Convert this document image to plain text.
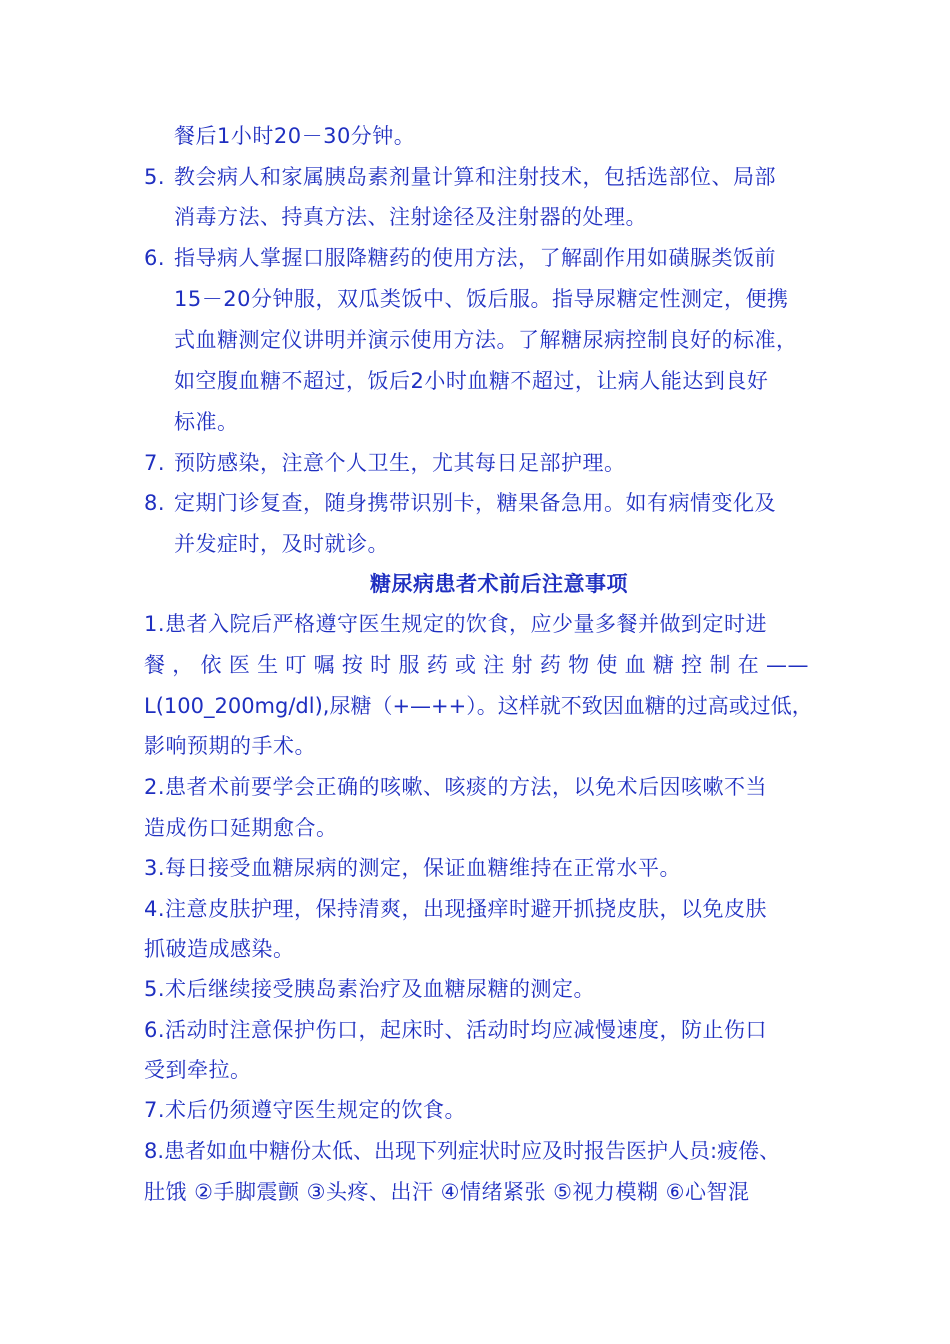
餐后1小时20－30分钟。
5. 教会病人和家属胰岛素剂量计算和注射技术，包括选部位、局部
消毒方法、持真方法、注射途径及注射器的处理。
6. 指导病人掌握口服降糖药的使用方法，了解副作用如磺脲类饭前
15－20分钟服，双瓜类饭中、饭后服。指导尿糖定性测定，便携
式血糖测定仪讲明并演示使用方法。了解糖尿病控制良好的标准，
如空腹血糖不超过，饭后2小时血糖不超过，让病人能达到良好
标准。
7. 预防感染，注意个人卫生，尤其每日足部护理。
8. 定期门诊复查，随身携带识别卡，糖果备急用。如有病情变化及
并发症时，及时就诊。
糖尿病患者术前后注意事项
1.患者入院后严格遵守医生规定的饮食，应少量多餐并做到定时进
餐，依医生叮嘱按时服药或注射药物使血糖控制在——
L(100_200mg/dl),尿糖（+—++）。这样就不致因血糖的过高或过低，
影响预期的手术。
2.患者术前要学会正确的咳嗽、咳痰的方法，以免术后因咳嗽不当
造成伤口延期愈合。
3.每日接受血糖尿病的测定，保证血糖维持在正常水平。
4.注意皮肤护理，保持清爽，出现搔痒时避开抓挠皮肤，以免皮肤
抓破造成感染。
5.术后继续接受胰岛素治疗及血糖尿糖的测定。
6.活动时注意保护伤口，起床时、活动时均应减慢速度，防止伤口
受到牵拉。
7.术后仍须遵守医生规定的饮食。
8.患者如血中糖份太低、出现下列症状时应及时报告医护人员:疲倦、
肚饿 ②手脚震颤 ③头疼、出汗 ④情绪紧张 ⑤视力模糊 ⑥心智混
